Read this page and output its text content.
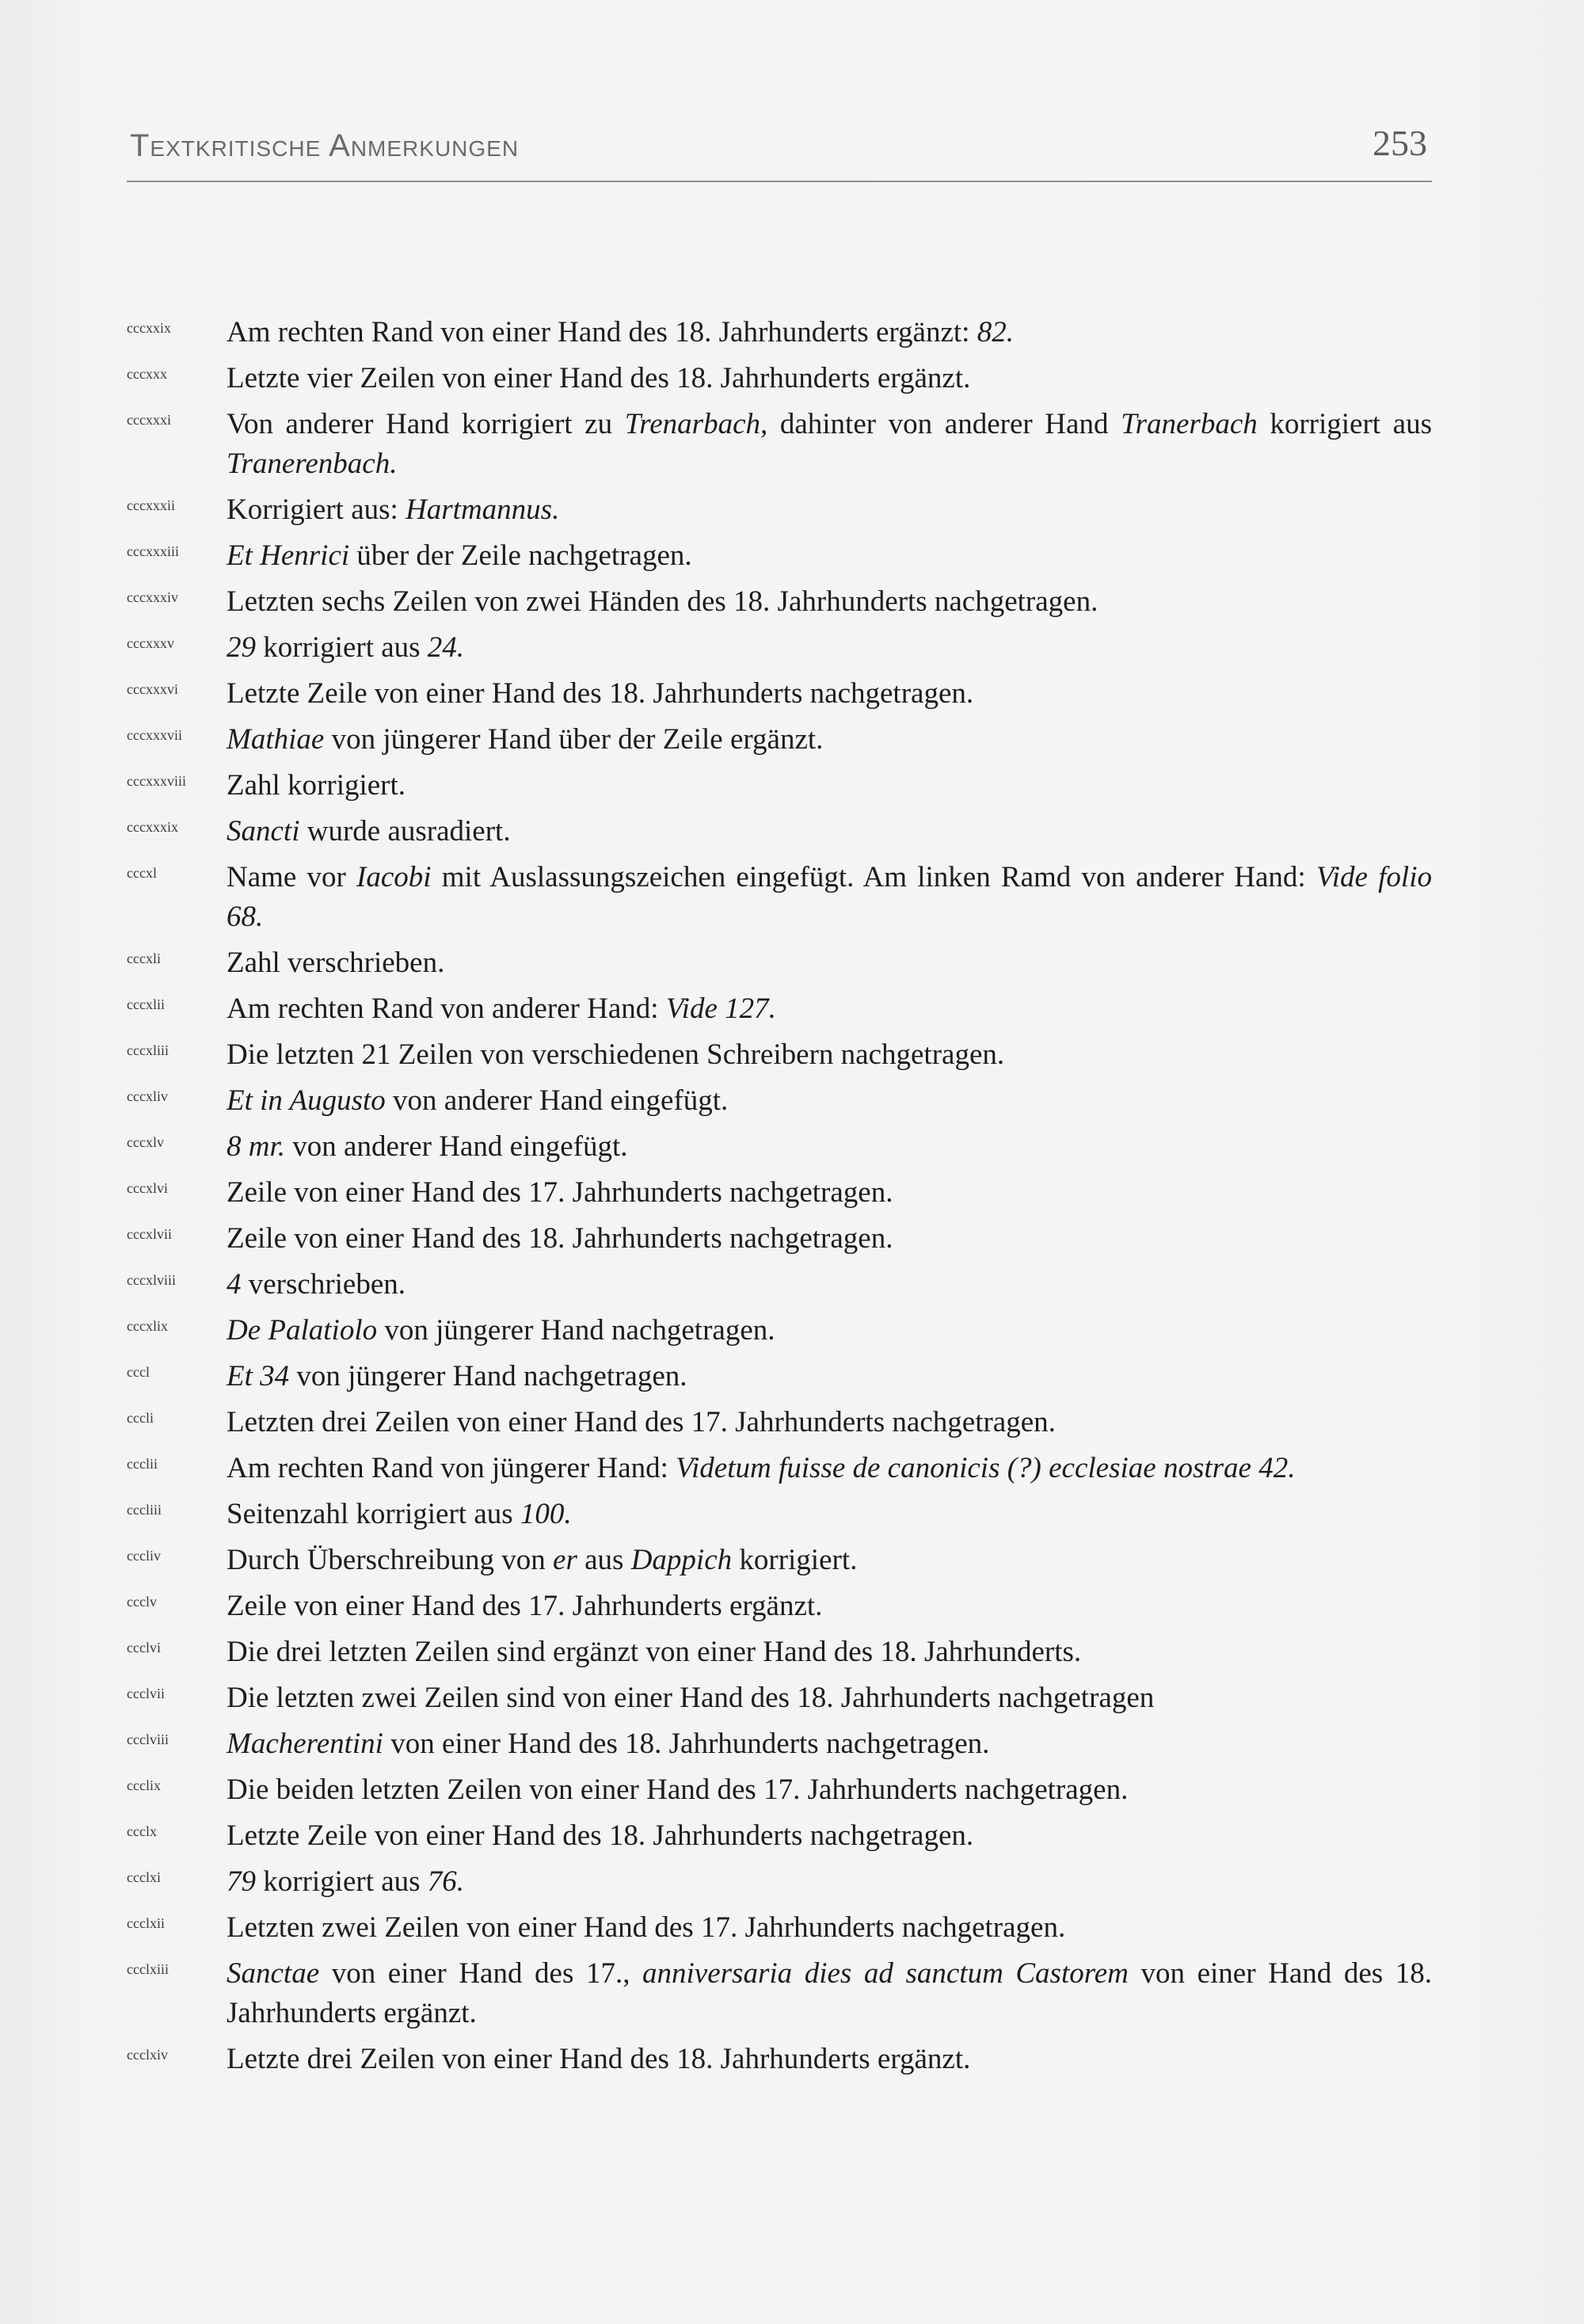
Textkritische Anmerkungen	253
cccxxix	Am rechten Rand von einer Hand des 18. Jahrhunderts ergänzt: 82.
cccxxx	Letzte vier Zeilen von einer Hand des 18. Jahrhunderts ergänzt.
cccxxxi	Von anderer Hand korrigiert zu Trenarbach, dahinter von anderer Hand Tranerbach korrigiert aus Tranerenbach.
cccxxxii	Korrigiert aus: Hartmannus.
cccxxxiii	Et Henrici über der Zeile nachgetragen.
cccxxxiv	Letzten sechs Zeilen von zwei Händen des 18. Jahrhunderts nachgetragen.
cccxxxv	29 korrigiert aus 24.
cccxxxvi	Letzte Zeile von einer Hand des 18. Jahrhunderts nachgetragen.
cccxxxvii	Mathiae von jüngerer Hand über der Zeile ergänzt.
cccxxxviii	Zahl korrigiert.
cccxxxix	Sancti wurde ausradiert.
cccxl	Name vor Iacobi mit Auslassungszeichen eingefügt. Am linken Ramd von anderer Hand: Vide folio 68.
cccxli	Zahl verschrieben.
cccxlii	Am rechten Rand von anderer Hand: Vide 127.
cccxliii	Die letzten 21 Zeilen von verschiedenen Schreibern nachgetragen.
cccxliv	Et in Augusto von anderer Hand eingefügt.
cccxlv	8 mr. von anderer Hand eingefügt.
cccxlvi	Zeile von einer Hand des 17. Jahrhunderts nachgetragen.
cccxlvii	Zeile von einer Hand des 18. Jahrhunderts nachgetragen.
cccxlviii	4 verschrieben.
cccxlix	De Palatiolo von jüngerer Hand nachgetragen.
cccl	Et 34 von jüngerer Hand nachgetragen.
cccli	Letzten drei Zeilen von einer Hand des 17. Jahrhunderts nachgetragen.
ccclii	Am rechten Rand von jüngerer Hand: Videtum fuisse de canonicis (?) ecclesiae nostrae 42.
cccliii	Seitenzahl korrigiert aus 100.
cccliv	Durch Überschreibung von er aus Dappich korrigiert.
ccclv	Zeile von einer Hand des 17. Jahrhunderts ergänzt.
ccclvi	Die drei letzten Zeilen sind ergänzt von einer Hand des 18. Jahrhunderts.
ccclvii	Die letzten zwei Zeilen sind von einer Hand des 18. Jahrhunderts nachgetragen
ccclviii	Macherentini von einer Hand des 18. Jahrhunderts nachgetragen.
ccclix	Die beiden letzten Zeilen von einer Hand des 17. Jahrhunderts nachgetragen.
ccclx	Letzte Zeile von einer Hand des 18. Jahrhunderts nachgetragen.
ccclxi	79 korrigiert aus 76.
ccclxii	Letzten zwei Zeilen von einer Hand des 17. Jahrhunderts nachgetragen.
ccclxiii	Sanctae von einer Hand des 17., anniversaria dies ad sanctum Castorem von einer Hand des 18. Jahrhunderts ergänzt.
ccclxiv	Letzte drei Zeilen von einer Hand des 18. Jahrhunderts ergänzt.
